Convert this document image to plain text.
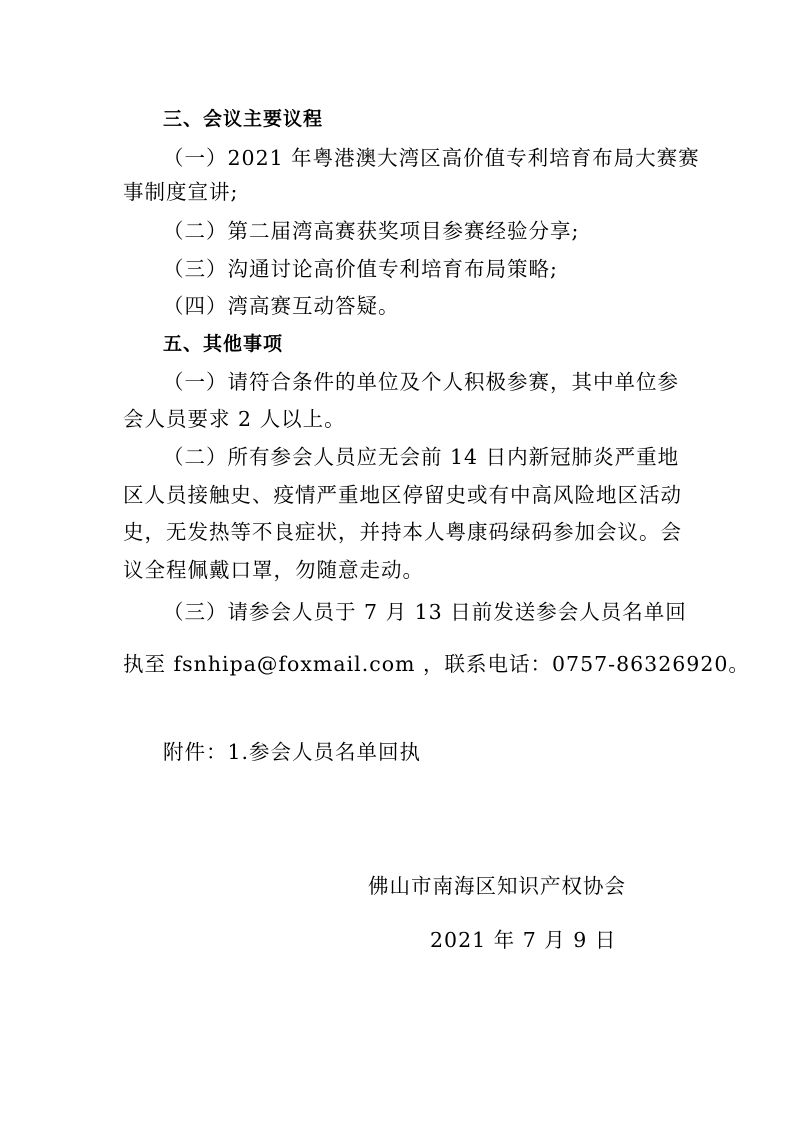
三、会议主要议程
（一）2021 年粤港澳大湾区高价值专利培育布局大赛赛
事制度宣讲;
（二）第二届湾高赛获奖项目参赛经验分享;
（三）沟通讨论高价值专利培育布局策略;
（四）湾高赛互动答疑。
五、其他事项
（一）请符合条件的单位及个人积极参赛，其中单位参
会人员要求 2 人以上。
（二）所有参会人员应无会前 14 日内新冠肺炎严重地
区人员接触史、疫情严重地区停留史或有中高风险地区活动
史，无发热等不良症状，并持本人粤康码绿码参加会议。会
议全程佩戴口罩，勿随意走动。
（三）请参会人员于 7 月 13 日前发送参会人员名单回
执至 fsnhipa@foxmail.com ，联系电话：0757-86326920。
附件：1.参会人员名单回执
佛山市南海区知识产权协会
2021 年 7 月 9 日
